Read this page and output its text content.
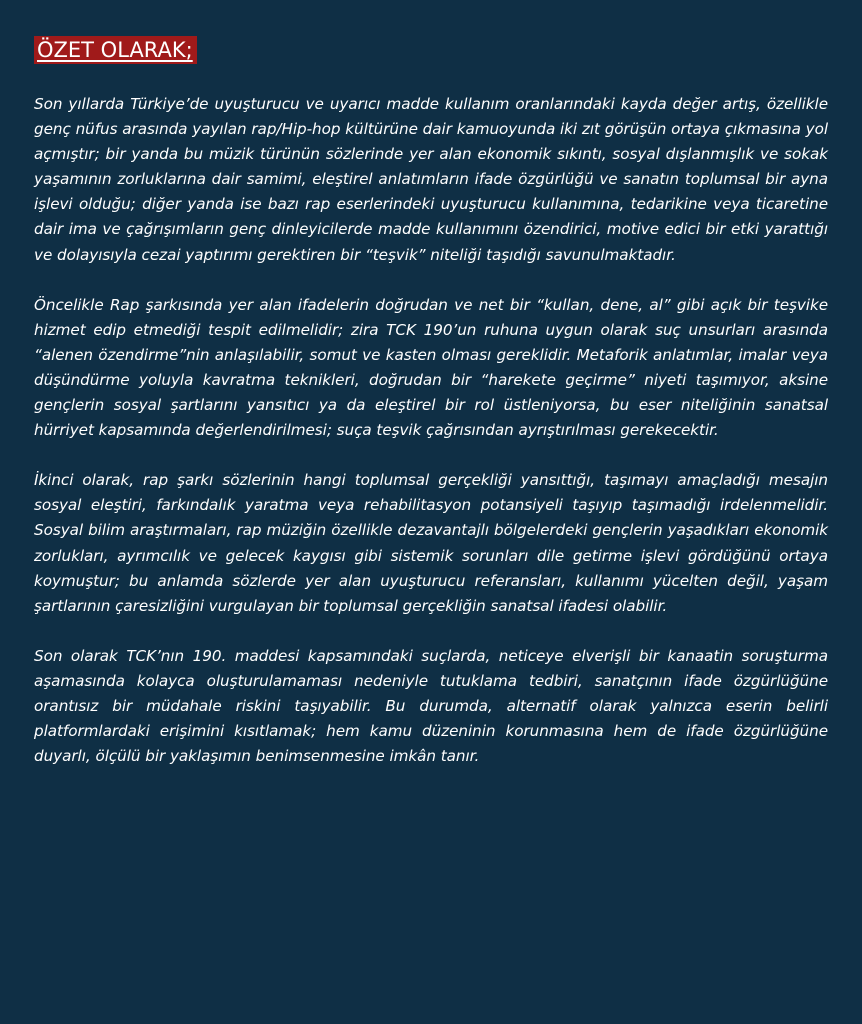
ÖZET OLARAK;

Son yıllarda Türkiye’de uyuşturucu ve uyarıcı madde kullanım oranlarındaki kayda değer artış, özellikle genç nüfus arasında yayılan rap/Hip-hop kültürüne dair kamuoyunda iki zıt görüşün ortaya çıkmasına yol açmıştır; bir yanda bu müzik türünün sözlerinde yer alan ekonomik sıkıntı, sosyal dışlanmışlık ve sokak yaşamının zorluklarına dair samimi, eleştirel anlatımların ifade özgürlüğü ve sanatın toplumsal bir ayna işlevi olduğu; diğer yanda ise bazı rap eserlerindeki uyuşturucu kullanımına, tedarikine veya ticaretine dair ima ve çağrışımların genç dinleyicilerde madde kullanımını özendirici, motive edici bir etki yarattığı ve dolayısıyla cezai yaptırımı gerektiren bir “teşvik” niteliği taşıdığı savunulmaktadır.

Öncelikle Rap şarkısında yer alan ifadelerin doğrudan ve net bir “kullan, dene, al” gibi açık bir teşvike hizmet edip etmediği tespit edilmelidir; zira TCK 190’un ruhuna uygun olarak suç unsurları arasında “alenen özendirme”nin anlaşılabilir, somut ve kasten olması gereklidir. Metaforik anlatımlar, imalar veya düşündürme yoluyla kavratma teknikleri, doğrudan bir “harekete geçirme” niyeti taşımıyor, aksine gençlerin sosyal şartlarını yansıtıcı ya da eleştirel bir rol üstleniyorsa, bu eser niteliğinin sanatsal hürriyet kapsamında değerlendirilmesi; suça teşvik çağrısından ayrıştırılması gerekecektir.

İkinci olarak, rap şarkı sözlerinin hangi toplumsal gerçekliği yansıttığı, taşımayı amaçladığı mesajın sosyal eleştiri, farkındalık yaratma veya rehabilitasyon potansiyeli taşıyıp taşımadığı irdelenmelidir. Sosyal bilim araştırmaları, rap müziğin özellikle dezavantajlı bölgelerdeki gençlerin yaşadıkları ekonomik zorlukları, ayrımcılık ve gelecek kaygısı gibi sistemik sorunları dile getirme işlevi gördüğünü ortaya koymuştur; bu anlamda sözlerde yer alan uyuşturucu referansları, kullanımı yücelten değil, yaşam şartlarının çaresizliğini vurgulayan bir toplumsal gerçekliğin sanatsal ifadesi olabilir.

Son olarak TCK’nın 190. maddesi kapsamındaki suçlarda, neticeye elverişli bir kanaatin soruşturma aşamasında kolayca oluşturulamaması nedeniyle tutuklama tedbiri, sanatçının ifade özgürlüğüne orantısız bir müdahale riskini taşıyabilir. Bu durumda, alternatif olarak yalnızca eserin belirli platformlardaki erişimini kısıtlamak; hem kamu düzeninin korunmasına hem de ifade özgürlüğüne duyarlı, ölçülü bir yaklaşımın benimsenmesine imkân tanır.
